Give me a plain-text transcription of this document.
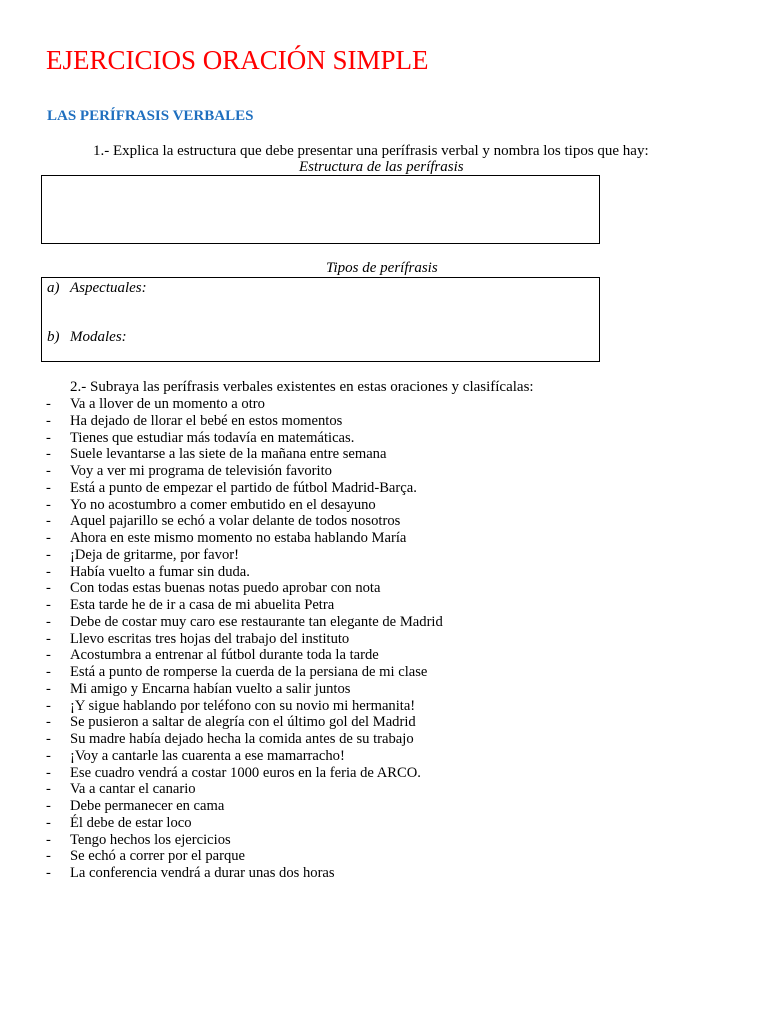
EJERCICIOS ORACIÓN SIMPLE
LAS PERÍFRASIS VERBALES
1.- Explica la estructura que debe presentar una perífrasis verbal y nombra los tipos que hay:
Estructura de las perífrasis
Tipos de perífrasis
a) Aspectuales:
b) Modales:
2.- Subraya las perífrasis verbales existentes en estas oraciones y clasifícalas:
- Va a llover de un momento a otro
- Ha dejado de llorar el bebé en estos momentos
- Tienes que estudiar más todavía en matemáticas.
- Suele levantarse a las siete de la mañana entre semana
- Voy a ver mi programa de televisión favorito
- Está a punto de empezar el partido de fútbol Madrid-Barça.
- Yo no acostumbro a comer embutido en el desayuno
- Aquel pajarillo se echó a volar delante de todos nosotros
- Ahora en este mismo momento no estaba hablando María
- ¡Deja de gritarme, por favor!
- Había vuelto a fumar sin duda.
- Con todas estas buenas notas puedo aprobar con nota
- Esta tarde he de ir a casa de mi abuelita Petra
- Debe de costar muy caro ese restaurante tan elegante de Madrid
- Llevo escritas tres hojas del trabajo del instituto
- Acostumbra a entrenar al fútbol durante toda la tarde
- Está a punto de romperse la cuerda de la persiana de mi clase
- Mi amigo y Encarna habían vuelto a salir juntos
- ¡Y sigue hablando por teléfono con su novio mi hermanita!
- Se pusieron a saltar de alegría con el último gol del Madrid
- Su madre había dejado hecha la comida antes de su trabajo
- ¡Voy a cantarle las cuarenta a ese mamarracho!
- Ese cuadro vendrá a costar 1000 euros en la feria de ARCO.
- Va a cantar el canario
- Debe permanecer en cama
- Él debe de estar loco
- Tengo hechos los ejercicios
- Se echó a correr por el parque
- La conferencia vendrá a durar unas dos horas
